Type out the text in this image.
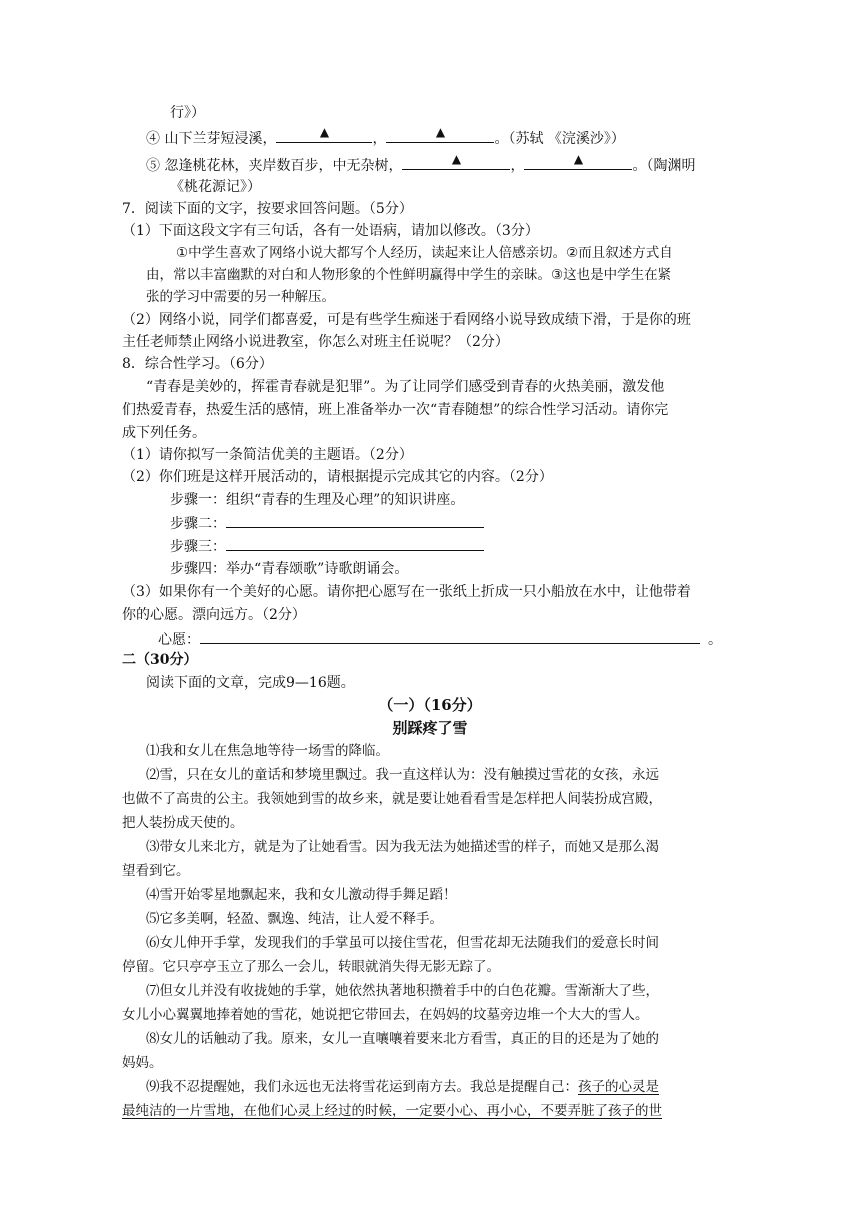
行》）
④ 山下兰芽短浸溪，	▲	，	▲	。（苏轼 《浣溪沙》）
⑤ 忽逢桃花林，夹岸数百步，中无杂树，	▲	，	▲	。（陶渊明
《桃花源记》）
7．阅读下面的文字，按要求回答问题。（5分）
（1）下面这段文字有三句话，各有一处语病，请加以修改。（3分）
①中学生喜欢了网络小说大都写个人经历，读起来让人倍感亲切。②而且叙述方式自
由，常以丰富幽默的对白和人物形象的个性鲜明赢得中学生的亲昧。③这也是中学生在紧
张的学习中需要的另一种解压。
（2）网络小说，同学们都喜爱，可是有些学生痴迷于看网络小说导致成绩下滑，于是你的班
主任老师禁止网络小说进教室，你怎么对班主任说呢？（2分）
8．综合性学习。（6分）
“青春是美妙的，挥霍青春就是犯罪”。为了让同学们感受到青春的火热美丽，激发他
们热爱青春，热爱生活的感情，班上准备举办一次“青春随想”的综合性学习活动。请你完
成下列任务。
（1）请你拟写一条简洁优美的主题语。（2分）
（2）你们班是这样开展活动的，请根据提示完成其它的内容。（2分）
步骤一：组织“青春的生理及心理”的知识讲座。
步骤二：
步骤三：
步骤四：举办“青春颂歌”诗歌朗诵会。
（3）如果你有一个美好的心愿。请你把心愿写在一张纸上折成一只小船放在水中，让他带着
你的心愿。漂向远方。（2分）
心愿：	。
二（30分）
阅读下面的文章，完成9—16题。
（一）（16分）
别踩疼了雪
⑴我和女儿在焦急地等待一场雪的降临。
⑵雪，只在女儿的童话和梦境里飘过。我一直这样认为：没有触摸过雪花的女孩，永远
也做不了高贵的公主。我领她到雪的故乡来，就是要让她看看雪是怎样把人间装扮成宫殿，
把人装扮成天使的。
⑶带女儿来北方，就是为了让她看雪。因为我无法为她描述雪的样子，而她又是那么渴
望看到它。
⑷雪开始零星地飘起来，我和女儿激动得手舞足蹈！
⑸它多美啊，轻盈、飘逸、纯洁，让人爱不释手。
⑹女儿伸开手掌，发现我们的手掌虽可以接住雪花，但雪花却无法随我们的爱意长时间
停留。它只亭亭玉立了那么一会儿，转眼就消失得无影无踪了。
⑺但女儿并没有收拢她的手掌，她依然执著地积攒着手中的白色花瓣。雪渐渐大了些，
女儿小心翼翼地捧着她的雪花，她说把它带回去，在妈妈的坟墓旁边堆一个大大的雪人。
⑻女儿的话触动了我。原来，女儿一直嚷嚷着要来北方看雪，真正的目的还是为了她的
妈妈。
⑼我不忍提醒她，我们永远也无法将雪花运到南方去。我总是提醒自己：孩子的心灵是
最纯洁的一片雪地，在他们心灵上经过的时候，一定要小心、再小心，不要弄脏了孩子的世
